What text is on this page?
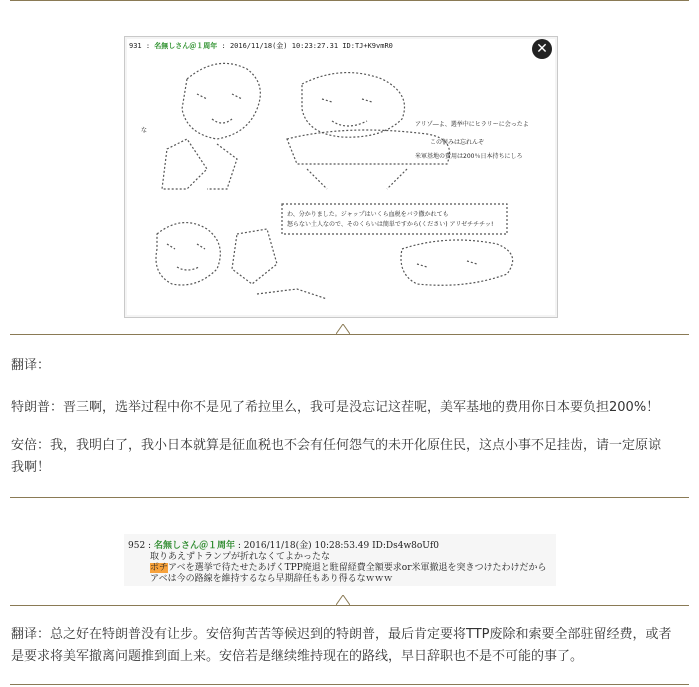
931 : 名無しさん＠１周年 : 2016/11/18(金) 10:23:27.31 ID:TJ+K9vmR0
な
アリゾ―よ、選挙中にヒラリーに会ったよ
この恨みは忘れんぞ
米軍基地の費用は200％日本持ちにしろ
わ、分かりました。ジャップはいくら血税をバラ撒かれても
怒らない土人なので、そのくらいは簡単ですから(ください) アリゼチチチッ!
✕
翻译：
特朗普：晋三啊，选举过程中你不是见了希拉里么，我可是没忘记这茬呢，美军基地的费用你日本要负担200%！
安倍：我，我明白了，我小日本就算是征血税也不会有任何怨气的未开化原住民，这点小事不足挂齿，请一定原谅我啊！
952 : 名無しさん＠１周年 : 2016/11/18(金) 10:28:53.49 ID:Ds4w8oUf0
取りあえずトランプが折れなくてよかったな
ポチアベを選挙で待たせたあげくTPP廃退と駐留経費全額要求or米軍撤退を突きつけたわけだから
アベは今の路線を維持するなら早期辞任もあり得るなｗｗｗ
翻译：总之好在特朗普没有让步。安倍狗苦苦等候迟到的特朗普，最后肯定要将TTP废除和索要全部驻留经费，或者是要求将美军撤离问题推到面上来。安倍若是继续维持现在的路线，早日辞职也不是不可能的事了。
